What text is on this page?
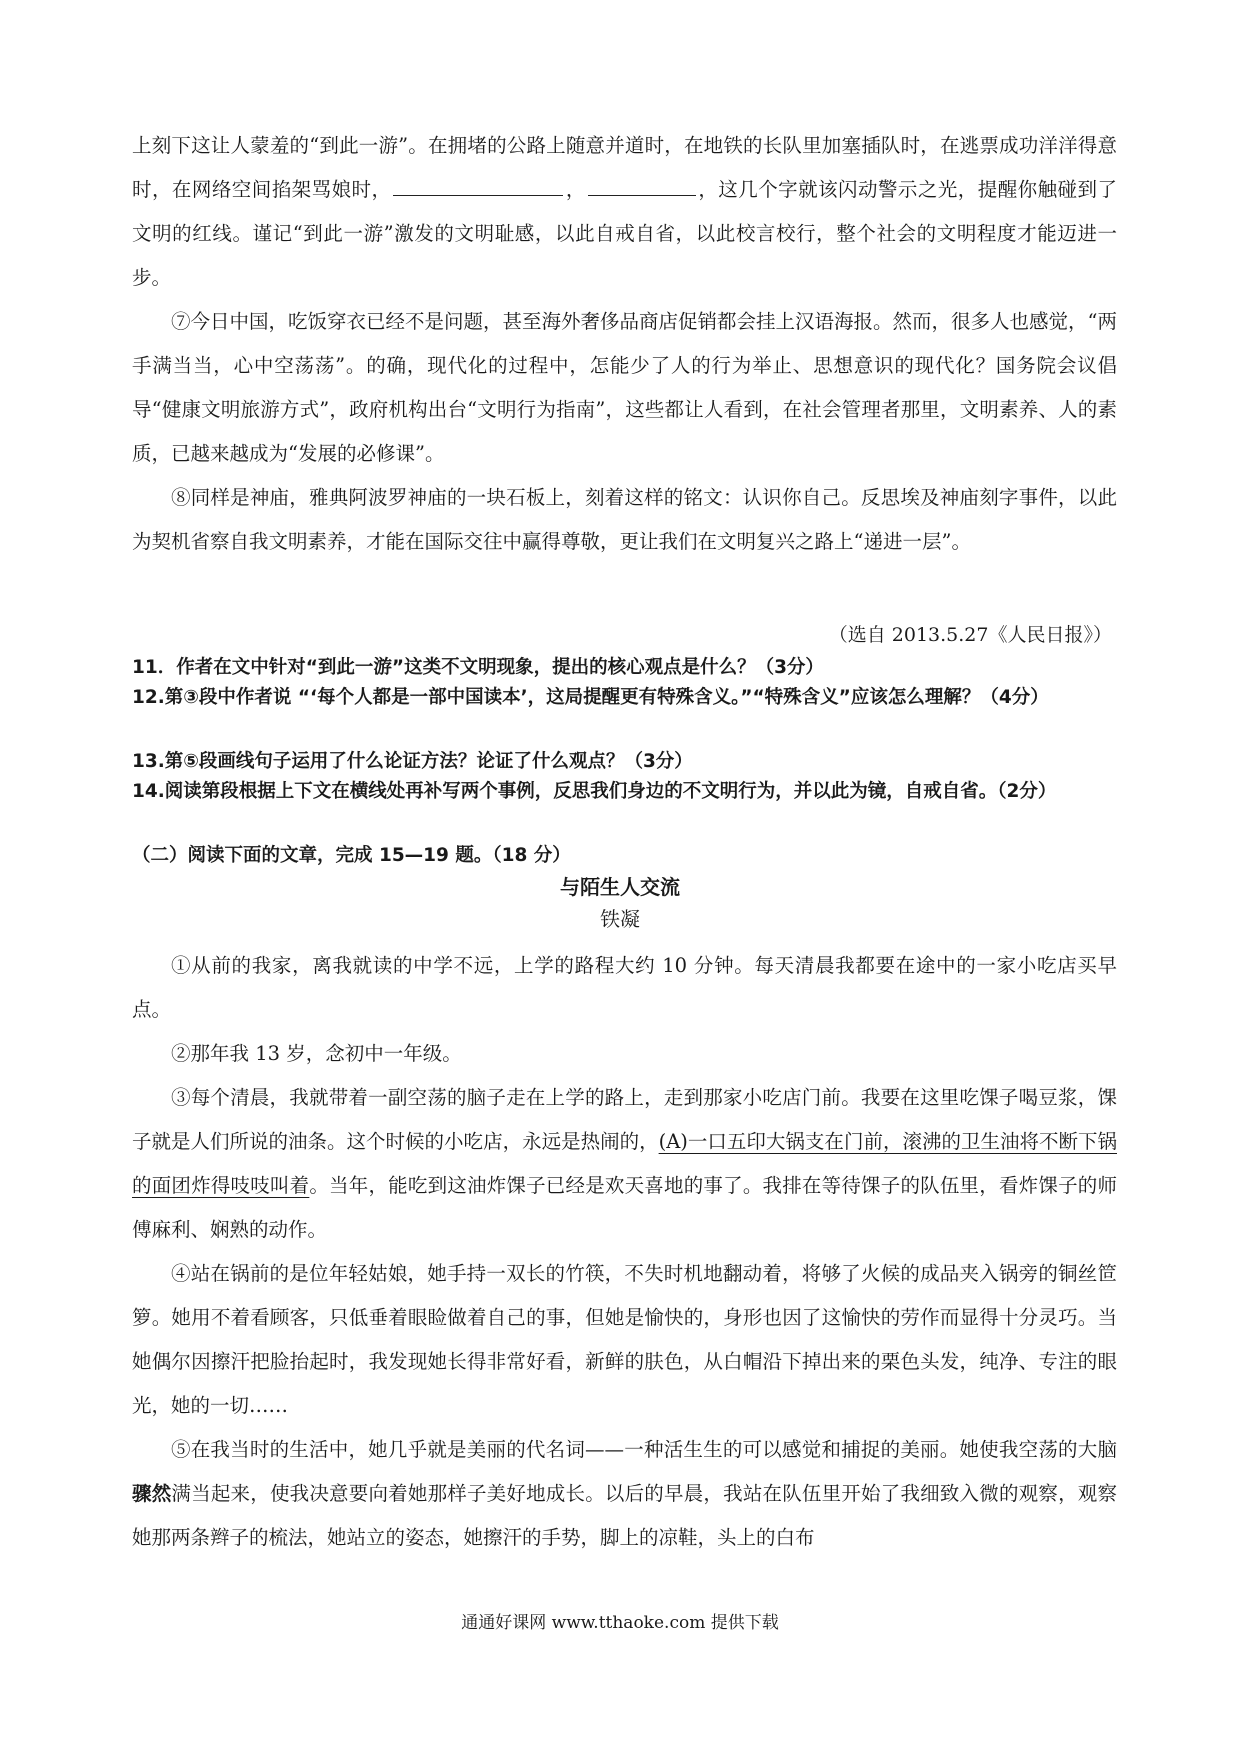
上刻下这让人蒙羞的“到此一游”。在拥堵的公路上随意并道时，在地铁的长队里加塞插队时，在逃票成功洋洋得意时，在网络空间掐架骂娘时，	，	，这几个字就该闪动警示之光，提醒你触碰到了文明的红线。谨记“到此一游”激发的文明耻感，以此自戒自省，以此校言校行，整个社会的文明程度才能迈进一步。

⑦今日中国，吃饭穿衣已经不是问题，甚至海外奢侈品商店促销都会挂上汉语海报。然而，很多人也感觉，“两手满当当，心中空荡荡”。的确，现代化的过程中，怎能少了人的行为举止、思想意识的现代化？国务院会议倡导“健康文明旅游方式”，政府机构出台“文明行为指南”，这些都让人看到，在社会管理者那里，文明素养、人的素质，已越来越成为“发展的必修课”。

⑧同样是神庙，雅典阿波罗神庙的一块石板上，刻着这样的铭文：认识你自己。反思埃及神庙刻字事件，以此为契机省察自我文明素养，才能在国际交往中赢得尊敬，更让我们在文明复兴之路上“递进一层”。

（选自 2013.5.27《人民日报》）

11．作者在文中针对“到此一游”这类不文明现象，提出的核心观点是什么？（3分）

12.第③段中作者说 “‘每个人都是一部中国读本’，这局提醒更有特殊含义。”“特殊含义”应该怎么理解？（4分）

13.第⑤段画线句子运用了什么论证方法？论证了什么观点？（3分）

14.阅读第段根据上下文在横线处再补写两个事例，反思我们身边的不文明行为，并以此为镜，自戒自省。（2分）

（二）阅读下面的文章，完成 15—19 题。（18 分）

与陌生人交流
铁凝

①从前的我家，离我就读的中学不远，上学的路程大约 10 分钟。每天清晨我都要在途中的一家小吃店买早点。

②那年我 13 岁，念初中一年级。

③每个清晨，我就带着一副空荡的脑子走在上学的路上，走到那家小吃店门前。我要在这里吃馃子喝豆浆，馃子就是人们所说的油条。这个时候的小吃店，永远是热闹的，(A)一口五印大锅支在门前，滚沸的卫生油将不断下锅的面团炸得吱吱叫着。当年，能吃到这油炸馃子已经是欢天喜地的事了。我排在等待馃子的队伍里，看炸馃子的师傅麻利、娴熟的动作。

④站在锅前的是位年轻姑娘，她手持一双长的竹筷，不失时机地翻动着，将够了火候的成品夹入锅旁的铜丝笸箩。她用不着看顾客，只低垂着眼睑做着自己的事，但她是愉快的，身形也因了这愉快的劳作而显得十分灵巧。当她偶尔因擦汗把脸抬起时，我发现她长得非常好看，新鲜的肤色，从白帽沿下掉出来的栗色头发，纯净、专注的眼光，她的一切……

⑤在我当时的生活中，她几乎就是美丽的代名词——一种活生生的可以感觉和捕捉的美丽。她使我空荡的大脑骤然满当起来，使我决意要向着她那样子美好地成长。以后的早晨，我站在队伍里开始了我细致入微的观察，观察她那两条辫子的梳法，她站立的姿态，她擦汗的手势，脚上的凉鞋，头上的白布

通通好课网 www.tthaoke.com 提供下载
